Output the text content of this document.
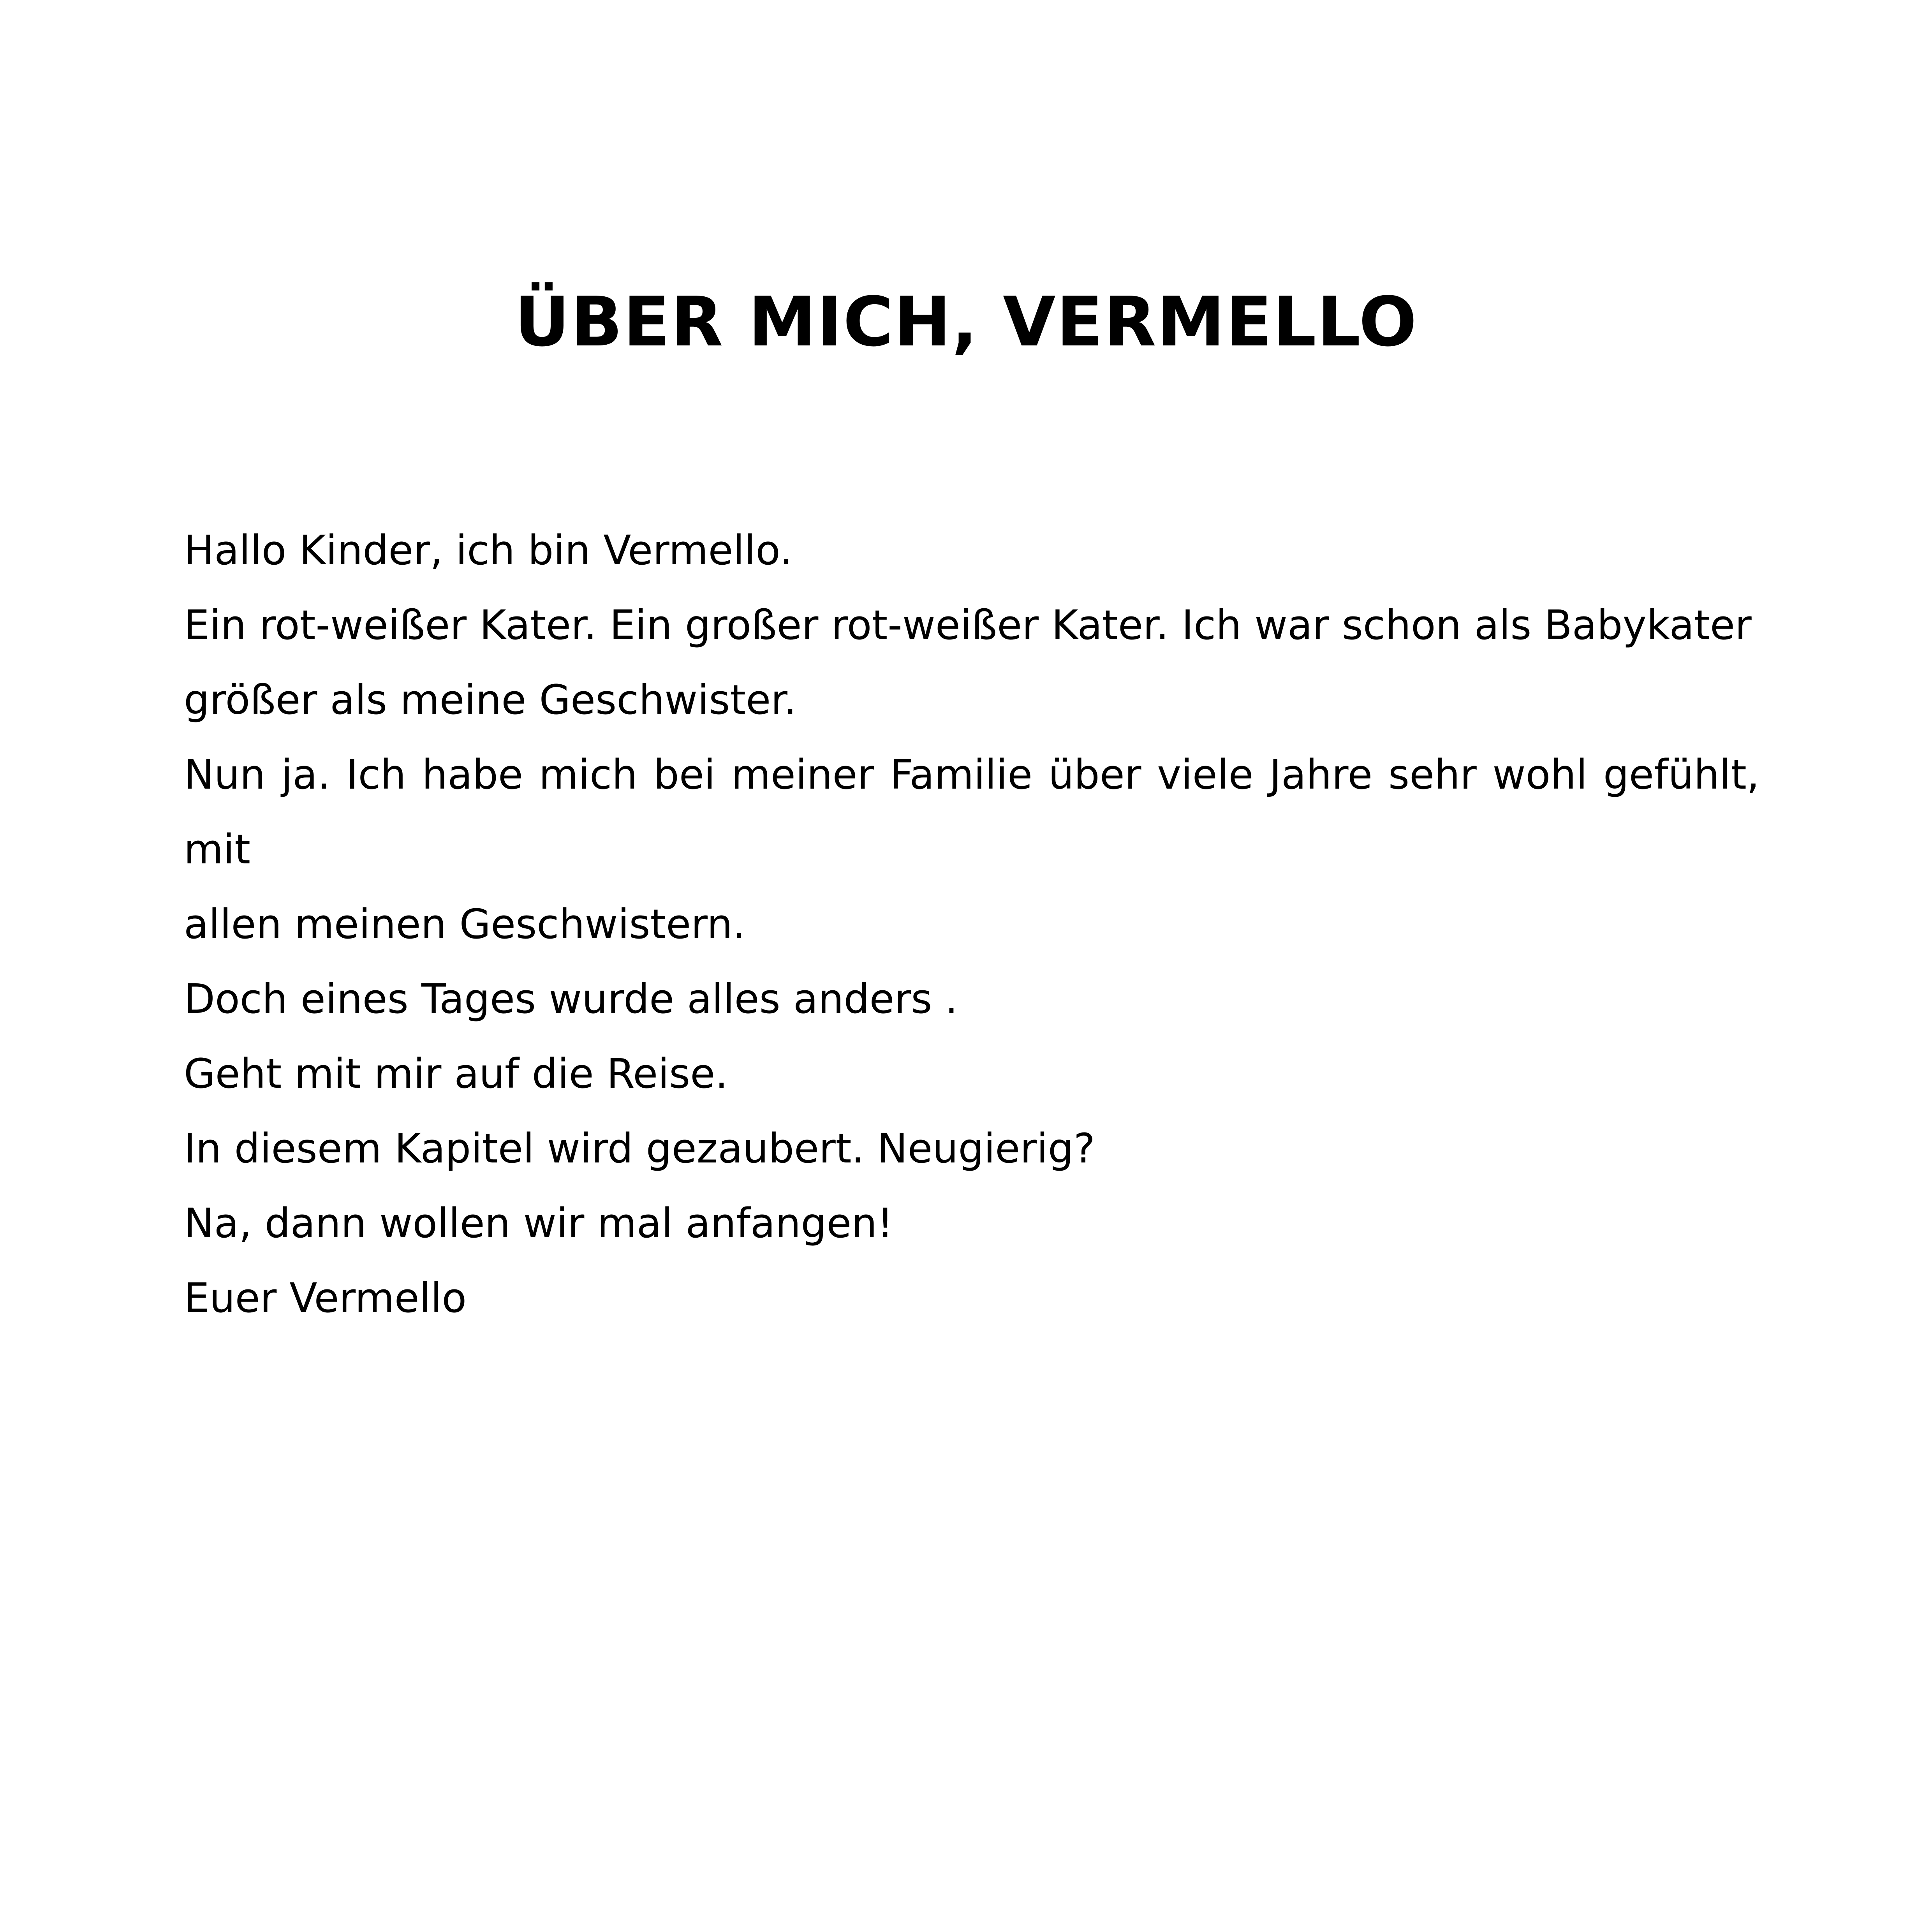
ÜBER MICH, VERMELLO
Hallo Kinder, ich bin Vermello.
Ein rot-weißer Kater. Ein großer rot-weißer Kater. Ich war schon als Babykater
größer als meine Geschwister.
Nun ja. Ich habe mich bei meiner Familie über viele Jahre sehr wohl gefühlt, mit
allen meinen Geschwistern.
Doch eines Tages wurde alles anders .
Geht mit mir auf die Reise.
In diesem Kapitel wird gezaubert. Neugierig?
Na, dann wollen wir mal anfangen!
Euer Vermello
